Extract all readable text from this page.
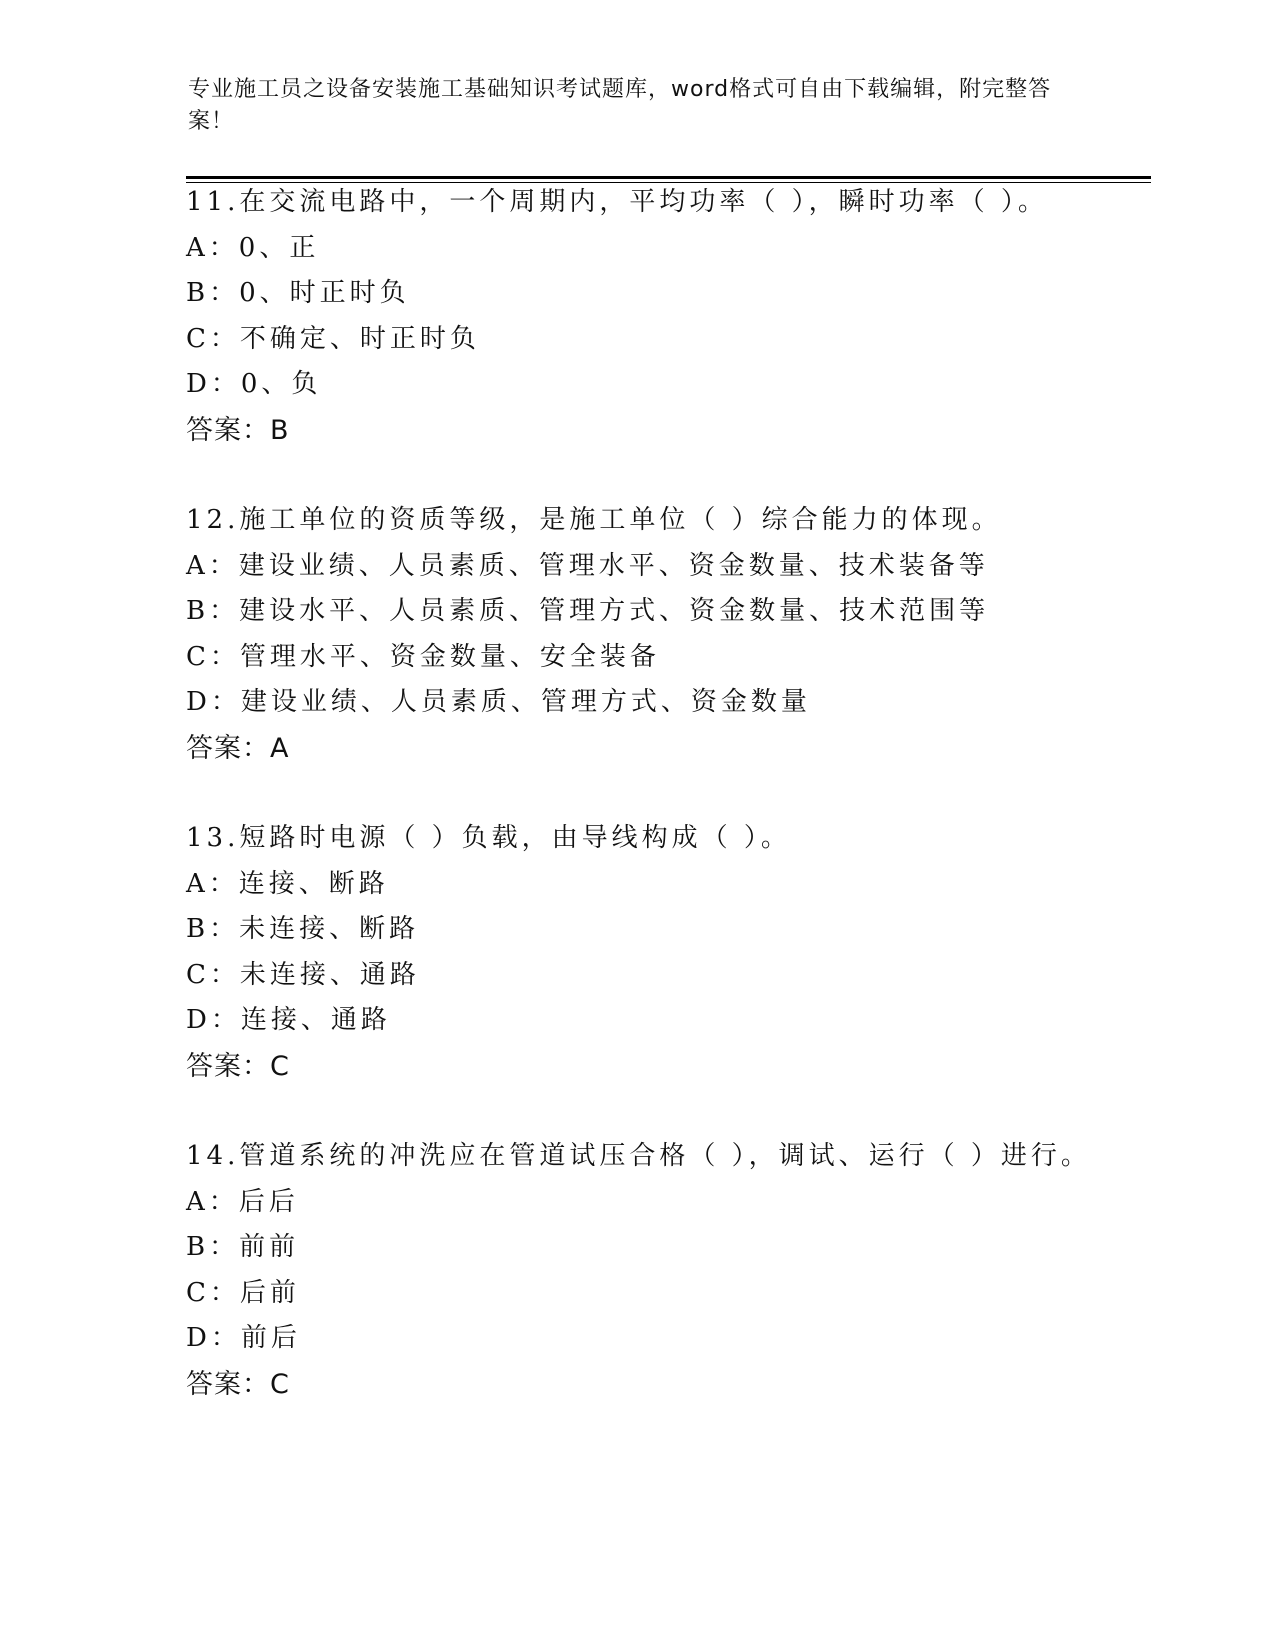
专业施工员之设备安装施工基础知识考试题库，word格式可自由下载编辑，附完整答案！
11.在交流电路中，一个周期内，平均功率（ ），瞬时功率（ ）。
A：0、正
B：0、时正时负
C：不确定、时正时负
D：0、负
答案：B
12.施工单位的资质等级，是施工单位（ ）综合能力的体现。
A：建设业绩、人员素质、管理水平、资金数量、技术装备等
B：建设水平、人员素质、管理方式、资金数量、技术范围等
C：管理水平、资金数量、安全装备
D：建设业绩、人员素质、管理方式、资金数量
答案：A
13.短路时电源（ ）负载，由导线构成（ ）。
A：连接、断路
B：未连接、断路
C：未连接、通路
D：连接、通路
答案：C
14.管道系统的冲洗应在管道试压合格（ ），调试、运行（ ）进行。
A：后后
B：前前
C：后前
D：前后
答案：C
